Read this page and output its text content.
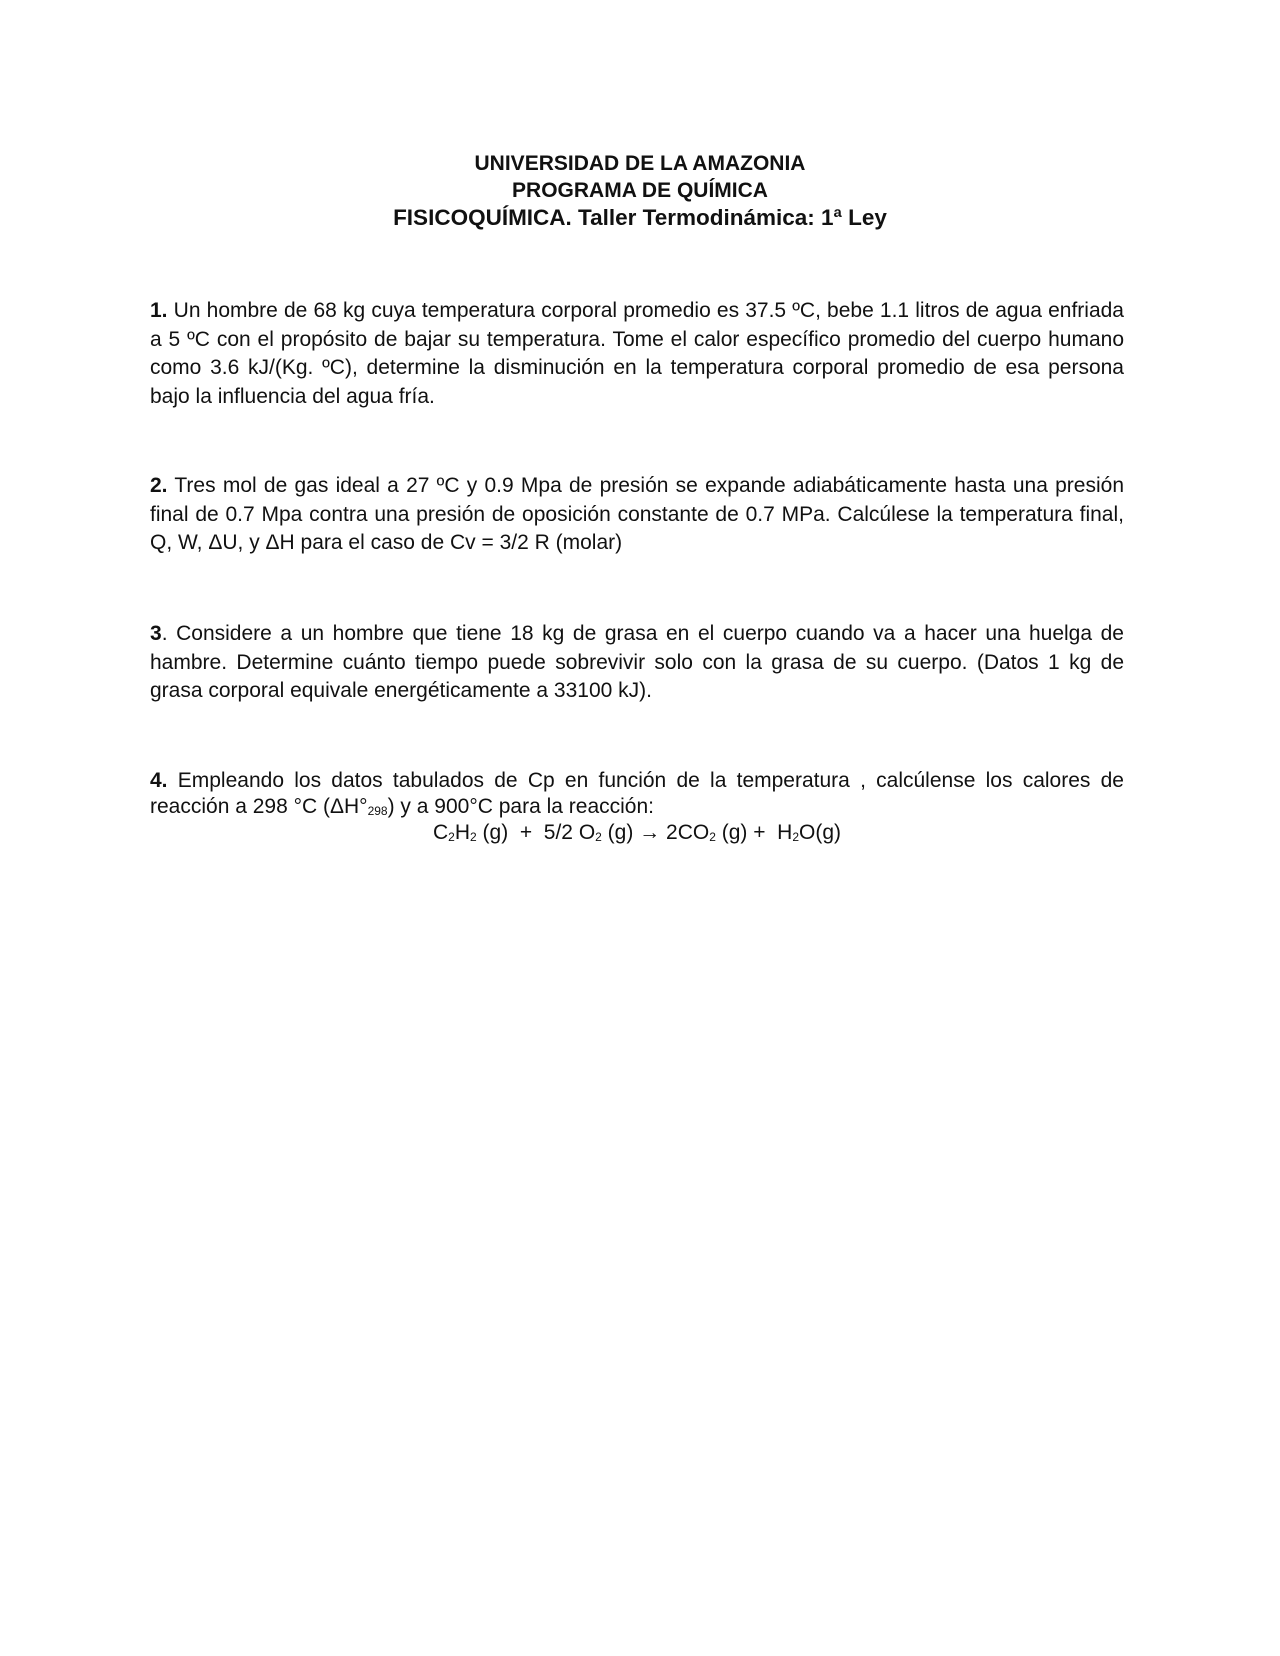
UNIVERSIDAD DE LA AMAZONIA
PROGRAMA DE QUÍMICA
FISICOQUÍMICA. Taller Termodinámica: 1ª Ley
1. Un hombre de 68 kg cuya temperatura corporal promedio es 37.5 ºC, bebe 1.1 litros de agua enfriada a 5 ºC con el propósito de bajar su temperatura. Tome el calor específico promedio del cuerpo humano como 3.6 kJ/(Kg. ºC), determine la disminución en la temperatura corporal promedio de esa persona bajo la influencia del agua fría.
2. Tres mol de gas ideal a 27 ºC y 0.9 Mpa de presión se expande adiabáticamente hasta una presión final de 0.7 Mpa contra una presión de oposición constante de 0.7 MPa. Calcúlese la temperatura final, Q, W, ΔU, y ΔH para el caso de Cv = 3/2 R (molar)
3. Considere a un hombre que tiene 18 kg de grasa en el cuerpo cuando va a hacer una huelga de hambre. Determine cuánto tiempo puede sobrevivir solo con la grasa de su cuerpo. (Datos 1 kg de grasa corporal equivale energéticamente a 33100 kJ).
4. Empleando los datos tabulados de Cp en función de la temperatura , calcúlense los calores de reacción a 298 °C $(\Delta H^\circ_{298})$ y a 900°C para la reacción:
$C_2H_2$ (g)  +  5/2 $O_2$ $(g) \to 2CO_2$ $(g) + H_2O(g)$
